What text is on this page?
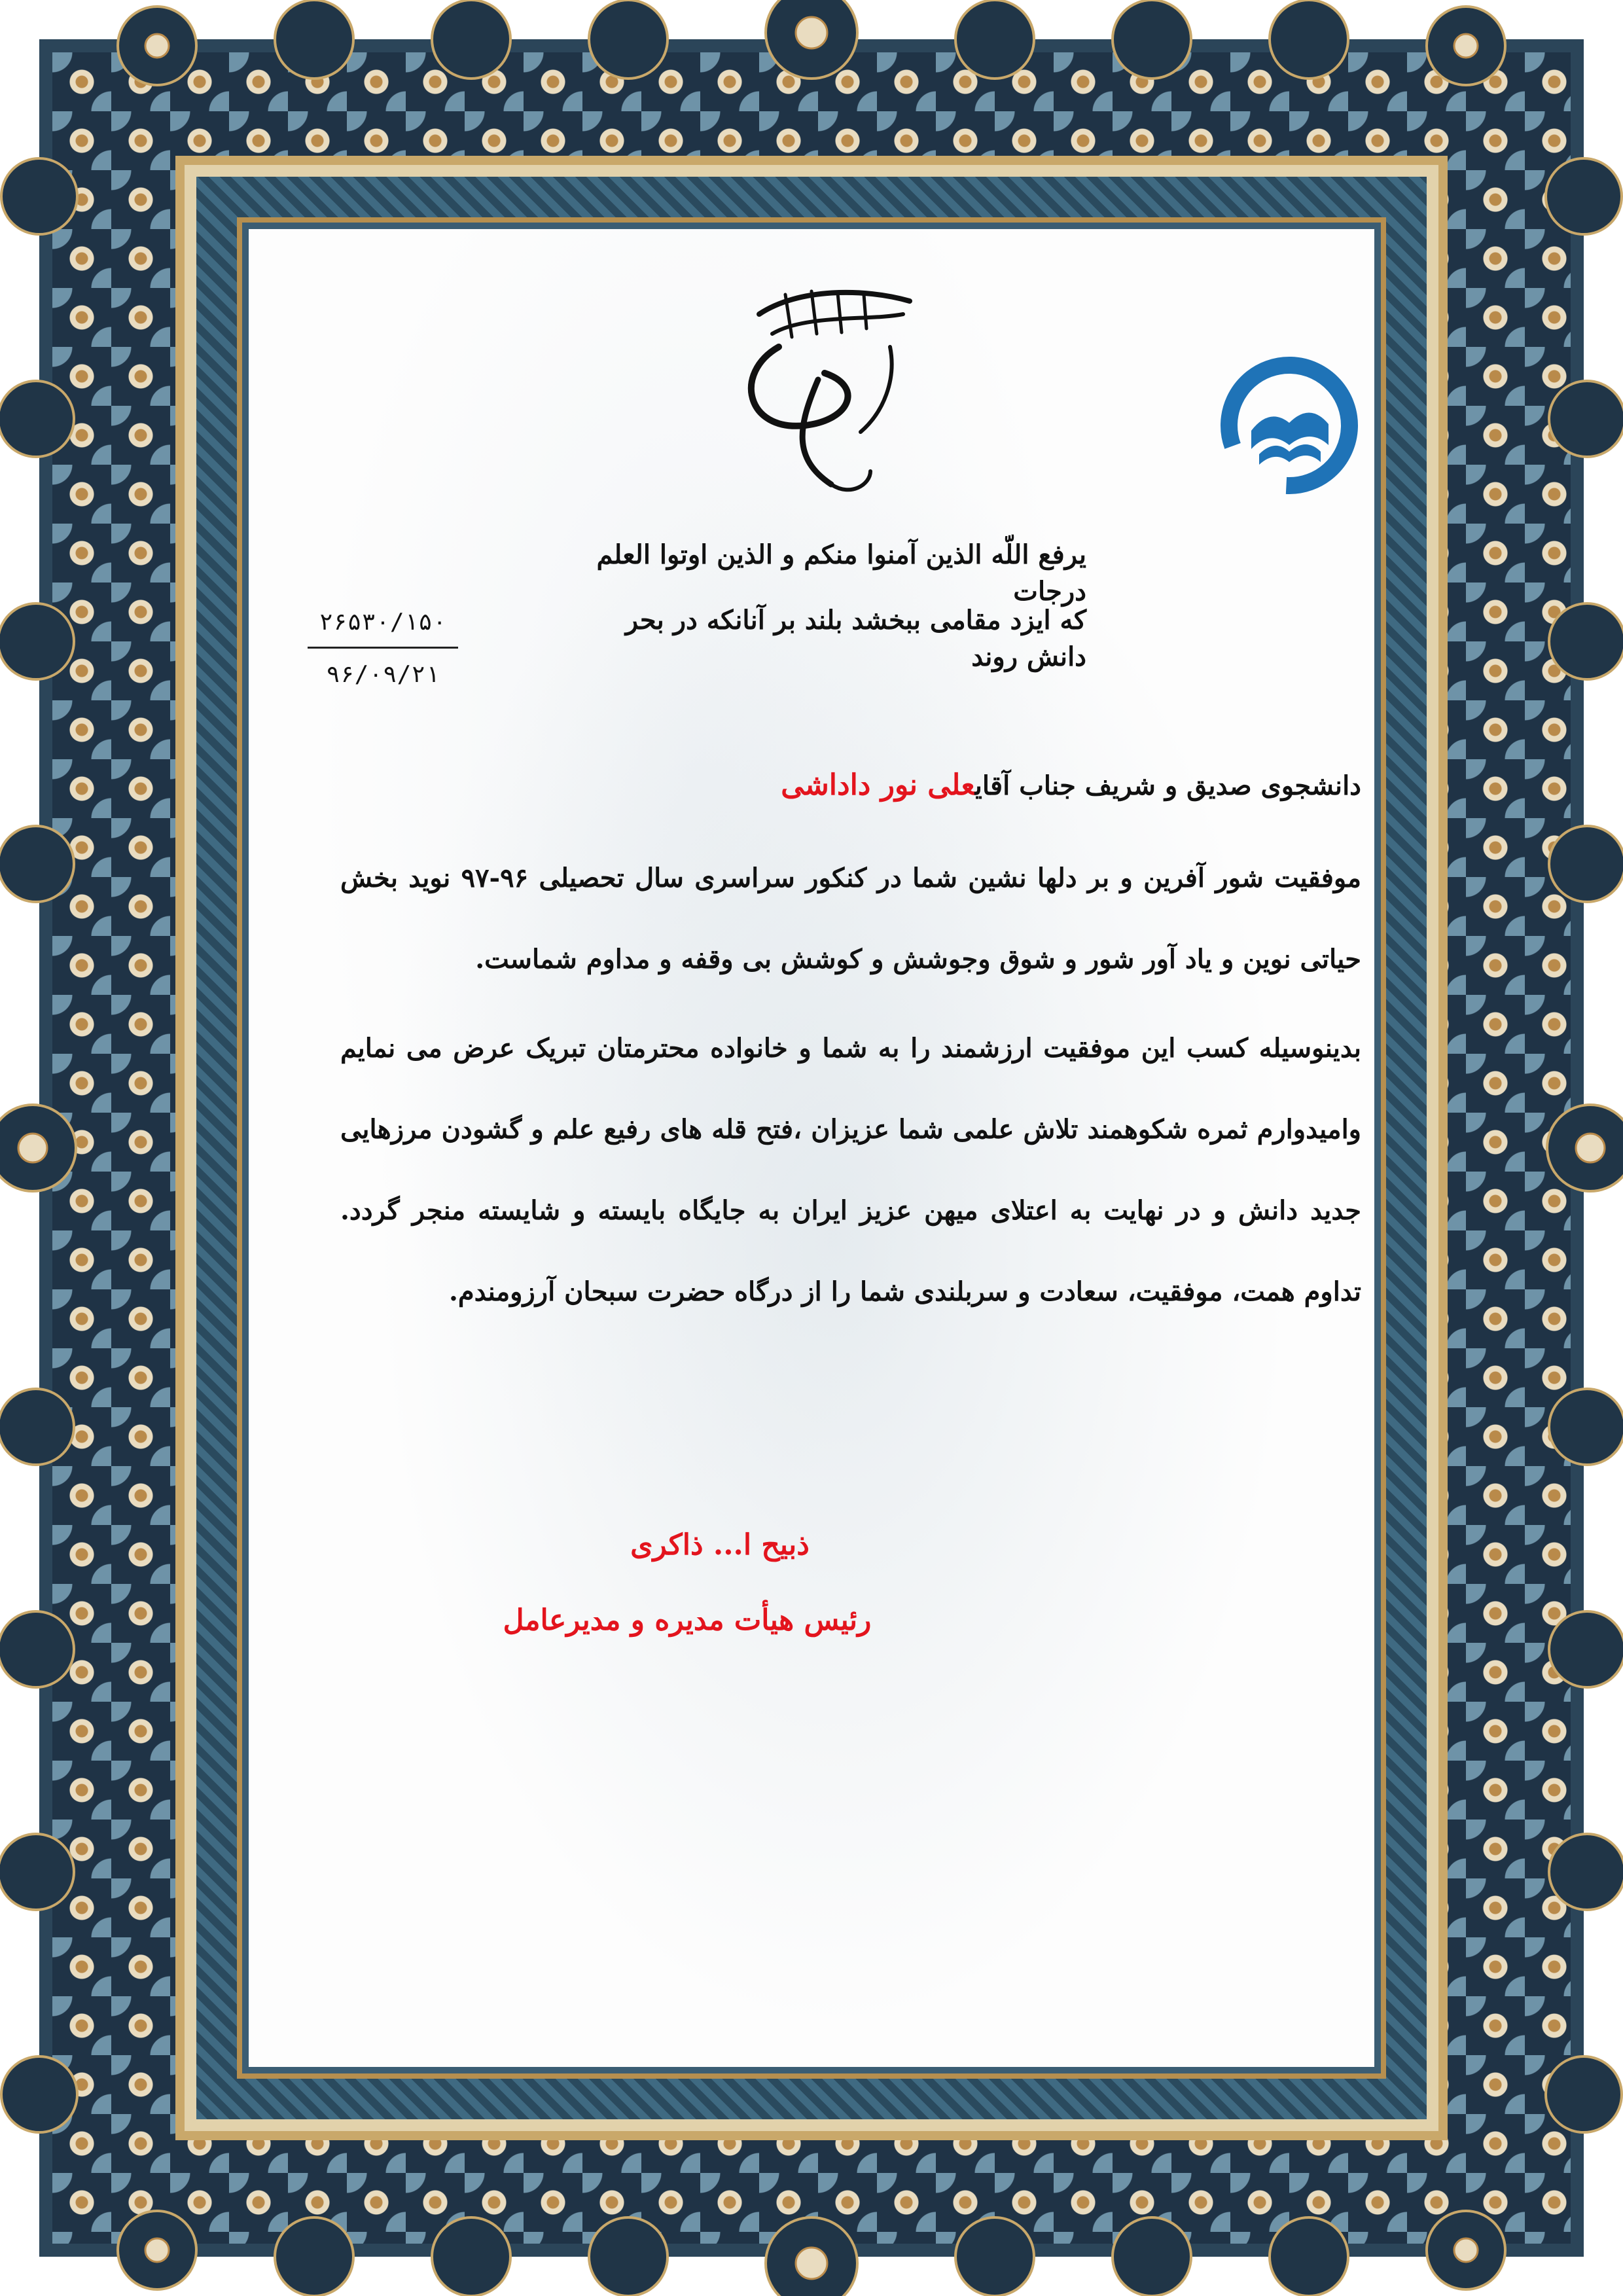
یرفع اللّه الذین آمنوا منکم و الذین اوتوا العلم درجات
که ایزد مقامی ببخشد بلند بر آنانکه در بحر دانش روند
۲۶۵۳۰/۱۵۰
۹۶/۰۹/۲۱
دانشجوی صدیق و شریف جناب آقایعلی نور داداشی
موفقیت شور آفرین و بر دلها نشین شما در کنکور سراسری سال تحصیلی ۹۶-۹۷ نوید بخش حیاتی نوین و یاد آور شور و شوق وجوشش و کوشش بی وقفه و مداوم شماست.
بدینوسیله کسب این موفقیت ارزشمند را به شما و خانواده محترمتان تبریک عرض می نمایم وامیدوارم ثمره شکوهمند تلاش علمی شما عزیزان ،فتح قله های رفیع علم و گشودن مرزهایی جدید دانش و در نهایت به اعتلای میهن عزیز ایران به جایگاه بایسته و شایسته منجر گردد. تداوم همت، موفقیت، سعادت و سربلندی شما را از درگاه حضرت سبحان آرزومندم.
ذبیح ا... ذاکری
رئیس هیأت مدیره و مدیرعامل
